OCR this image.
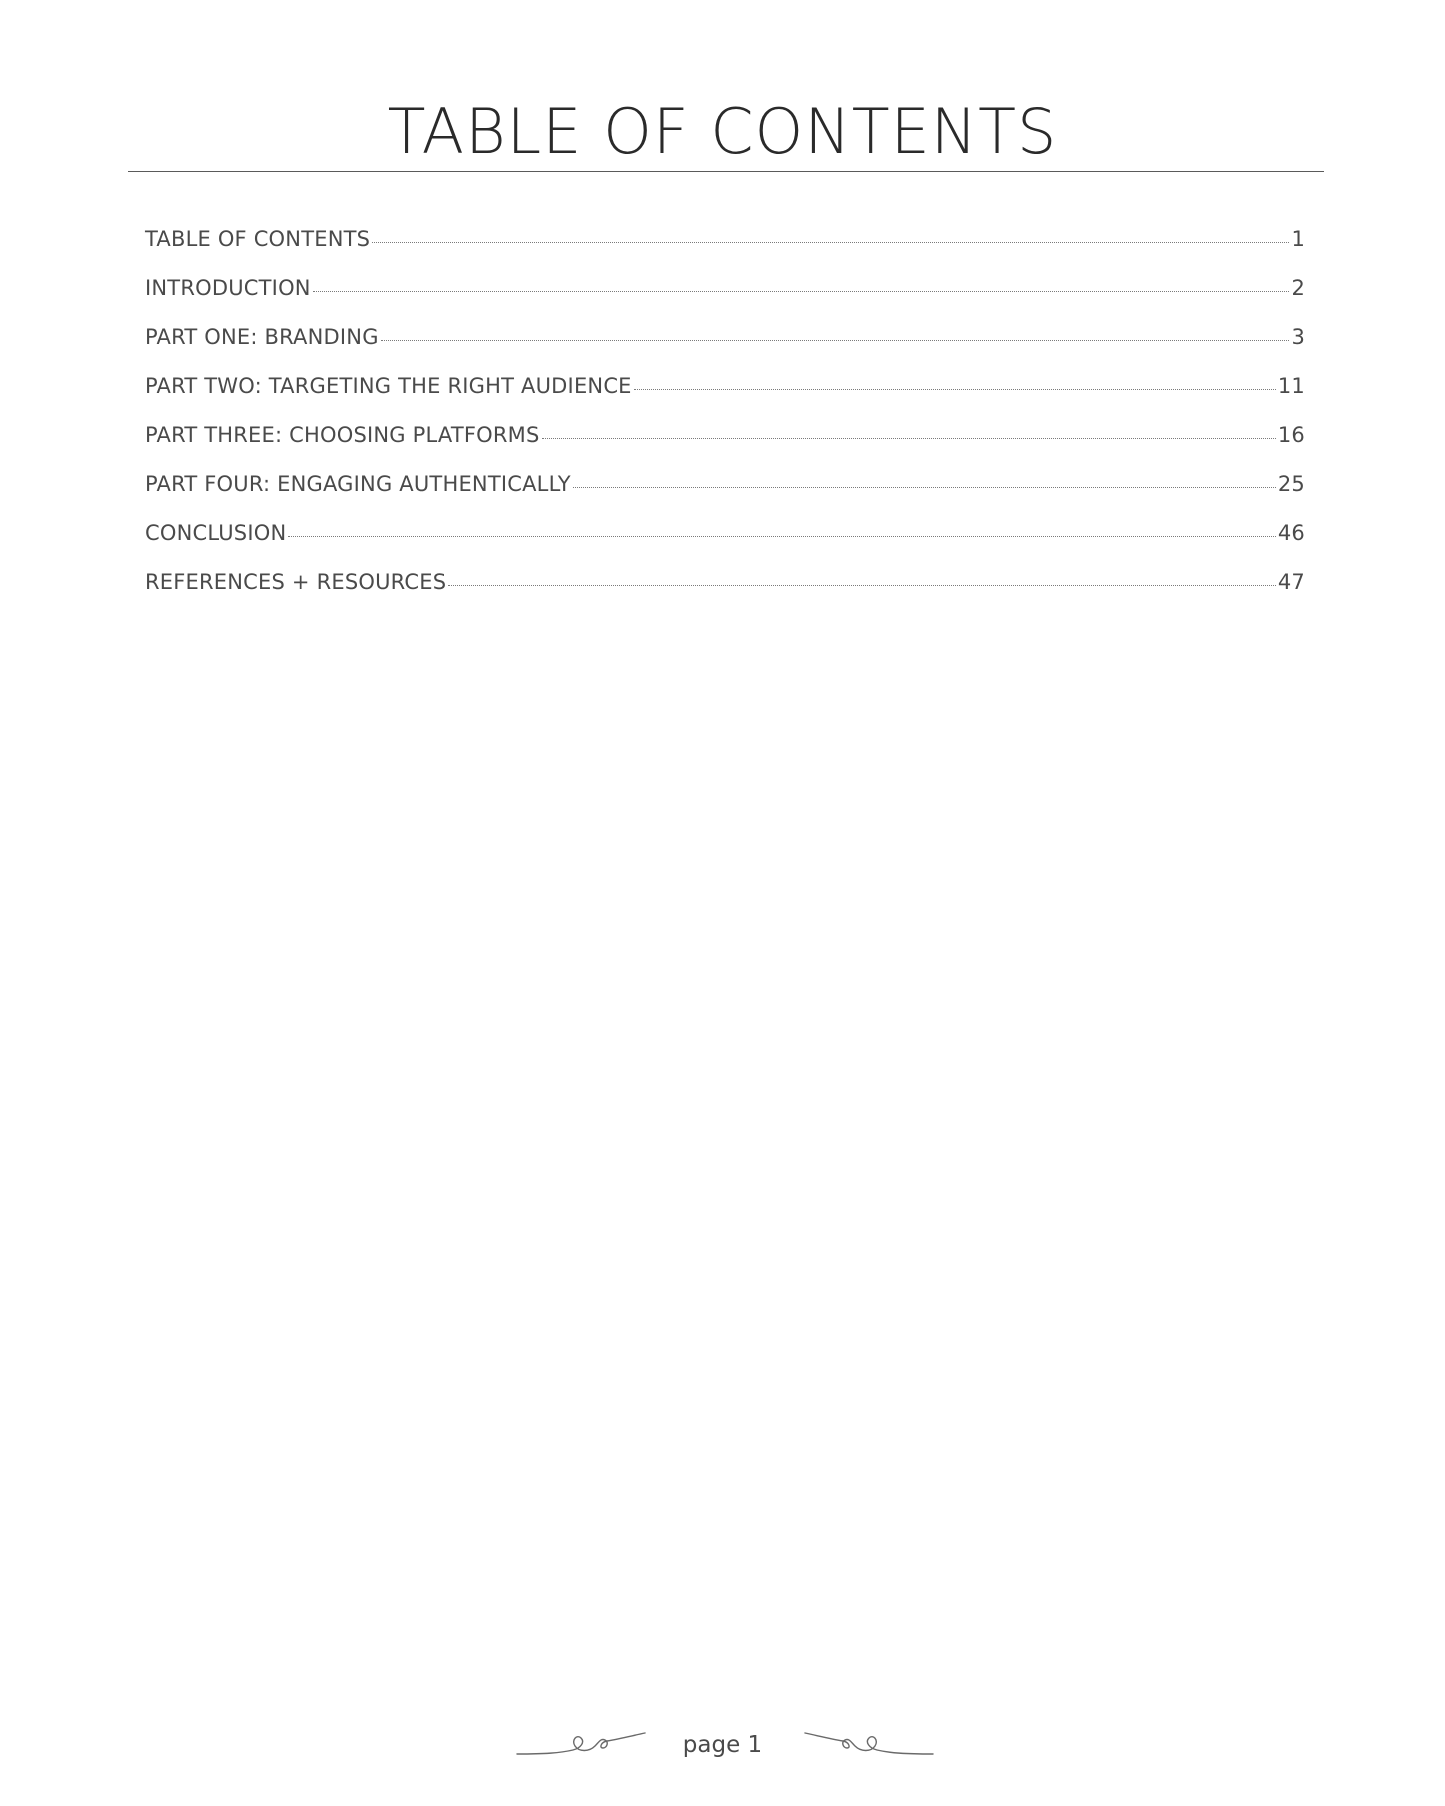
TABLE OF CONTENTS
TABLE OF CONTENTS	1
INTRODUCTION	2
PART ONE: BRANDING	3
PART TWO: TARGETING THE RIGHT AUDIENCE	11
PART THREE: CHOOSING PLATFORMS	16
PART FOUR: ENGAGING AUTHENTICALLY	25
CONCLUSION	46
REFERENCES + RESOURCES	47
page 1
